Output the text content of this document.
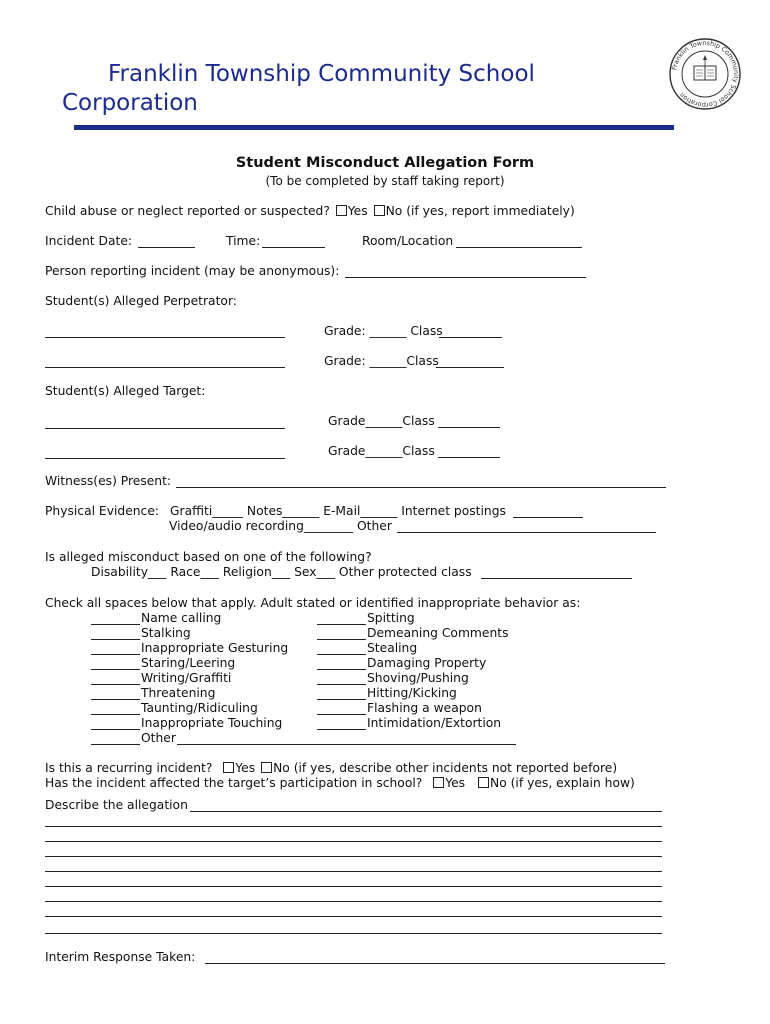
Franklin Township Community School
Corporation
Franklin Township Community School Corporation
Student Misconduct Allegation Form
(To be completed by staff taking report)
Child abuse or neglect reported or suspected? Yes No (if yes, report immediately)
Incident Date:	Time:	Room/Location
Person reporting incident (may be anonymous):
Student(s) Alleged Perpetrator:
Grade: ______ Class
Grade: ______Class
Student(s) Alleged Target:
Grade______Class
Grade______Class
Witness(es) Present:
Physical Evidence: Graffiti_____ Notes______ E-Mail______ Internet postings
Video/audio recording________ Other
Is alleged misconduct based on one of the following?
Disability___ Race___ Religion___ Sex___ Other protected class
Check all spaces below that apply. Adult stated or identified inappropriate behavior as:
Name calling
Stalking
Inappropriate Gesturing
Staring/Leering
Writing/Graffiti
Threatening
Taunting/Ridiculing
Inappropriate Touching
Other
Spitting
Demeaning Comments
Stealing
Damaging Property
Shoving/Pushing
Hitting/Kicking
Flashing a weapon
Intimidation/Extortion
Is this a recurring incident? Yes No (if yes, describe other incidents not reported before)
Has the incident affected the target’s participation in school? Yes No (if yes, explain how)
Describe the allegation
Interim Response Taken:
